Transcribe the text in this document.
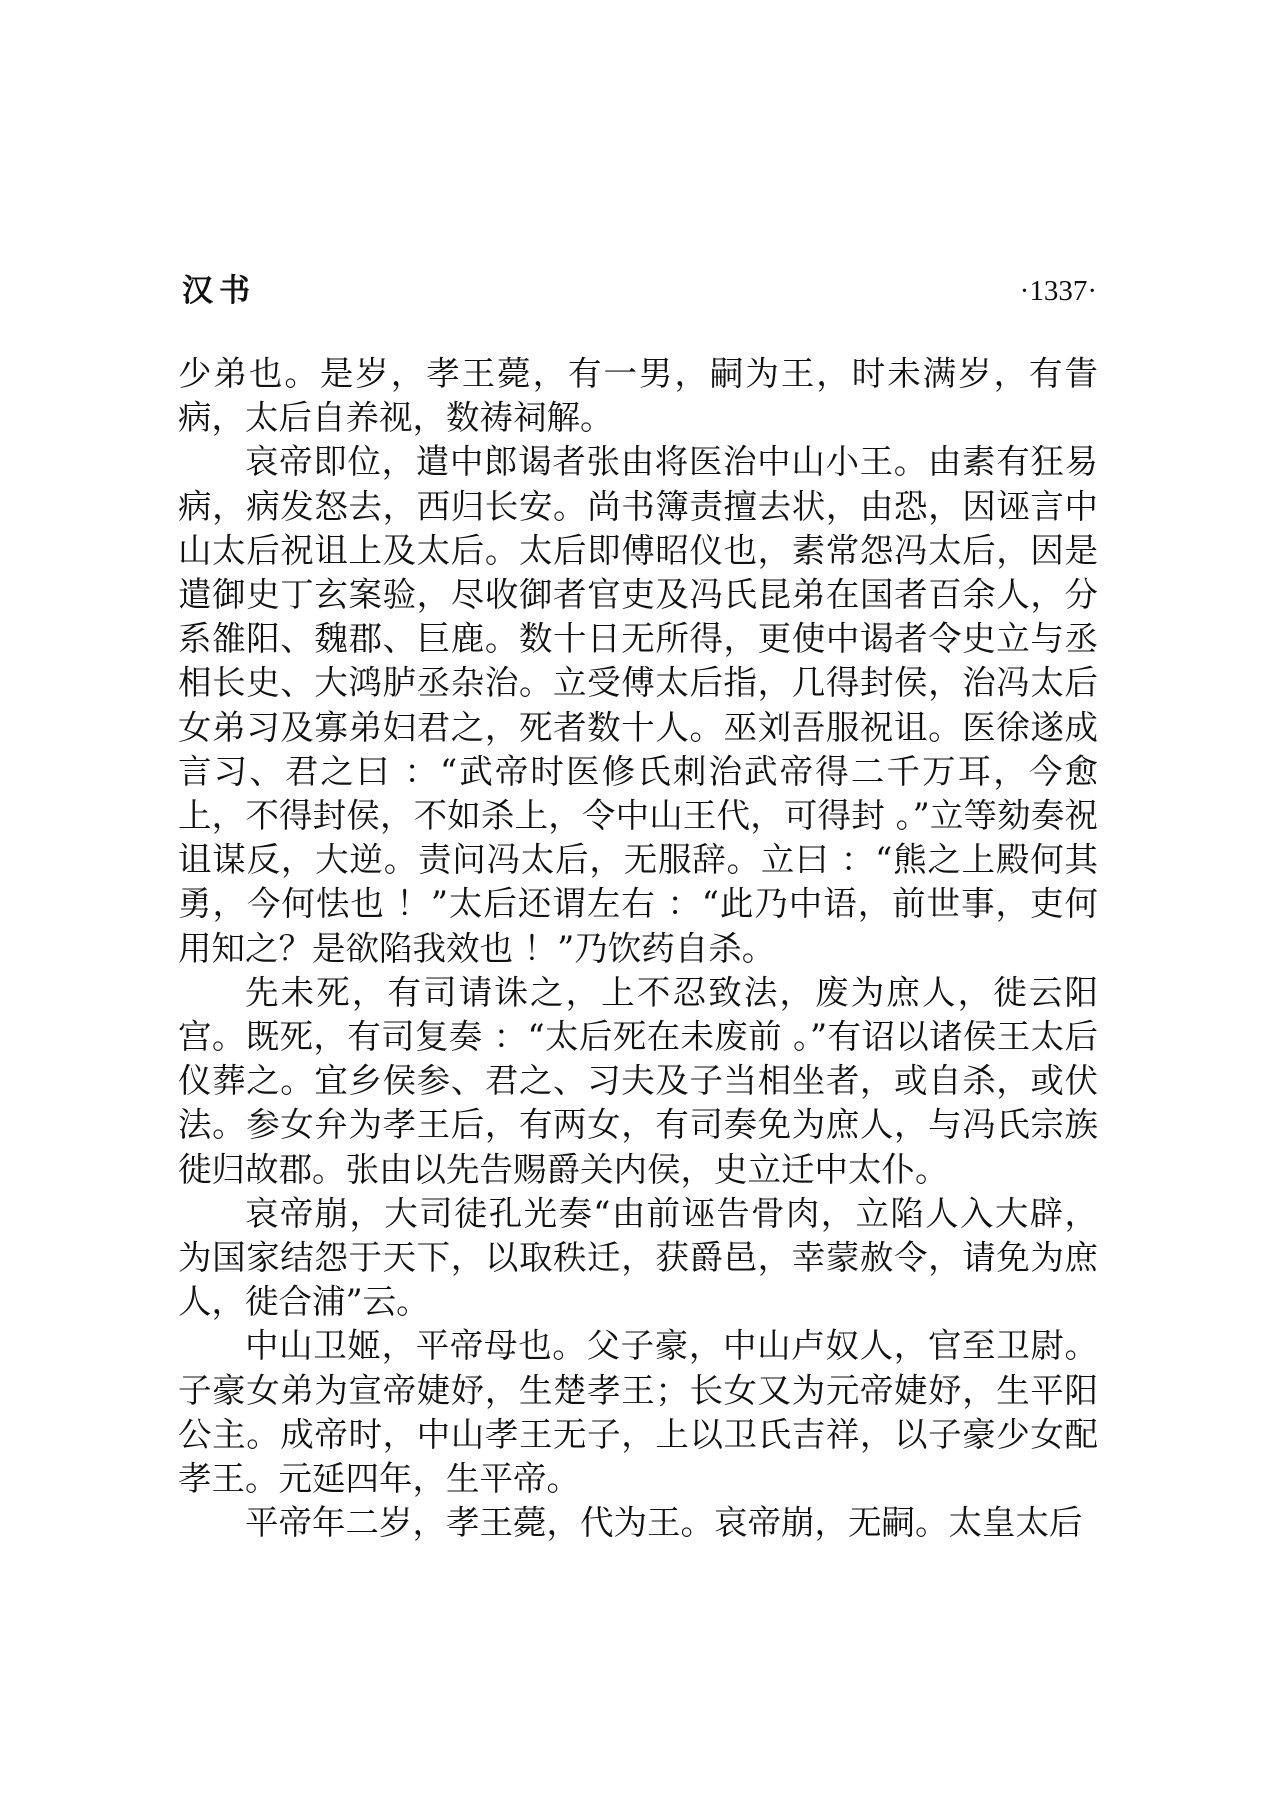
汉书	·1337·

少弟也。是岁，孝王薨，有一男，嗣为王，时未满岁，有眚病，太后自养视，数祷祠解。

哀帝即位，遣中郎谒者张由将医治中山小王。由素有狂易病，病发怒去，西归长安。尚书簿责擅去状，由恐，因诬言中山太后祝诅上及太后。太后即傅昭仪也，素常怨冯太后，因是遣御史丁玄案验，尽收御者官吏及冯氏昆弟在国者百余人，分系雒阳、魏郡、巨鹿。数十日无所得，更使中谒者令史立与丞相长史、大鸿胪丞杂治。立受傅太后指，几得封侯，治冯太后女弟习及寡弟妇君之，死者数十人。巫刘吾服祝诅。医徐遂成言习、君之曰 ：“武帝时医修氏刺治武帝得二千万耳，今愈上，不得封侯，不如杀上，令中山王代，可得封 。”立等劾奏祝诅谋反，大逆。责问冯太后，无服辞。立曰 ：“熊之上殿何其勇，今何怯也 ！”太后还谓左右 ：“此乃中语，前世事，吏何用知之？是欲陷我效也 ！”乃饮药自杀。

先未死，有司请诛之，上不忍致法，废为庶人，徙云阳宫。既死，有司复奏 ：“太后死在未废前 。”有诏以诸侯王太后仪葬之。宜乡侯参、君之、习夫及子当相坐者，或自杀，或伏法。参女弁为孝王后，有两女，有司奏免为庶人，与冯氏宗族徙归故郡。张由以先告赐爵关内侯，史立迁中太仆。

哀帝崩，大司徒孔光奏“由前诬告骨肉，立陷人入大辟，为国家结怨于天下，以取秩迁，获爵邑，幸蒙赦令，请免为庶人，徙合浦”云。

中山卫姬，平帝母也。父子豪，中山卢奴人，官至卫尉。子豪女弟为宣帝婕妤，生楚孝王；长女又为元帝婕妤，生平阳公主。成帝时，中山孝王无子，上以卫氏吉祥，以子豪少女配孝王。元延四年，生平帝。

平帝年二岁，孝王薨，代为王。哀帝崩，无嗣。太皇太后
